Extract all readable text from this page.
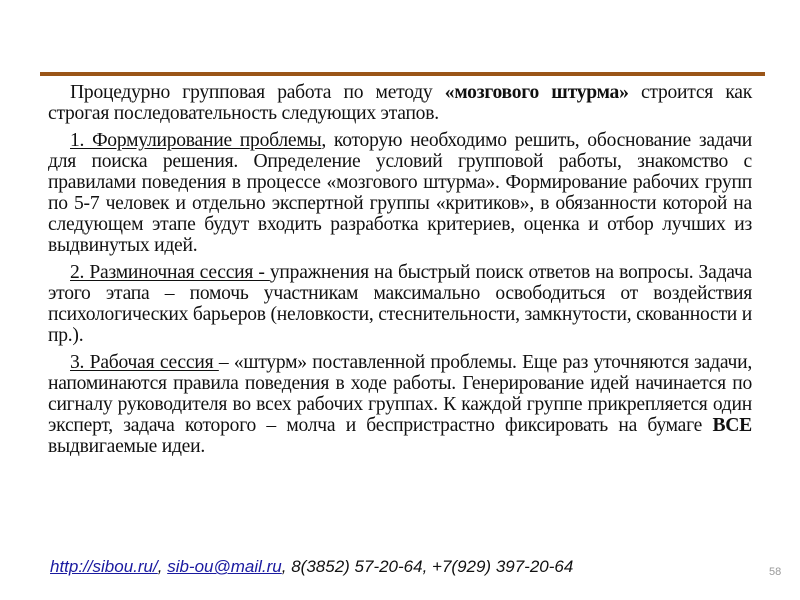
Процедурно групповая работа по методу «мозгового штурма» строится как строгая последовательность следующих этапов.

1. Формулирование проблемы, которую необходимо решить, обоснование задачи для поиска решения. Определение условий групповой работы, знакомство с правилами поведения в процессе «мозгового штурма». Формирование рабочих групп по 5-7 человек и отдельно экспертной группы «критиков», в обязанности которой на следующем этапе будут входить разработка критериев, оценка и отбор лучших из выдвинутых идей.

2. Разминочная сессия - упражнения на быстрый поиск ответов на вопросы. Задача этого этапа – помочь участникам максимально освободиться от воздействия психологических барьеров (неловкости, стеснительности, замкнутости, скованности и пр.).

3. Рабочая сессия – «штурм» поставленной проблемы. Еще раз уточняются задачи, напоминаются правила поведения в ходе работы. Генерирование идей начинается по сигналу руководителя во всех рабочих группах. К каждой группе прикрепляется один эксперт, задача которого – молча и беспристрастно фиксировать на бумаге ВСЕ выдвигаемые идеи.

http://sibou.ru/, sib-ou@mail.ru, 8(3852) 57-20-64, +7(929) 397-20-64	58
